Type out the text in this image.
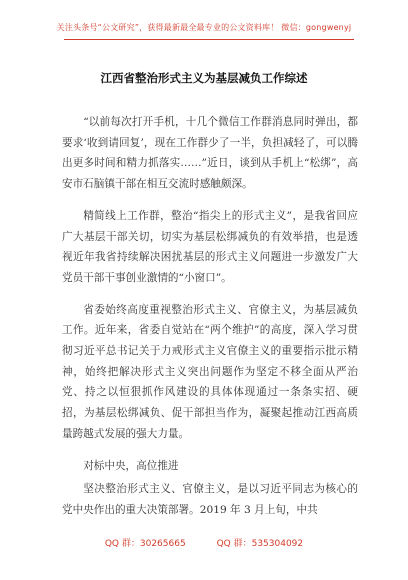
关注头条号“公文研究”，获得最新最全最专业的公文资料库！ 微信：gongwenyj
江西省整治形式主义为基层减负工作综述

“以前每次打开手机，十几个微信工作群消息同时弹出，都要求‘收到请回复’，现在工作群少了一半，负担减轻了，可以腾出更多时间和精力抓落实……”近日，谈到从手机上“松绑”，高安市石脑镇干部在相互交流时感触颇深。

精简线上工作群，整治“指尖上的形式主义”，是我省回应广大基层干部关切，切实为基层松绑减负的有效举措，也是透视近年我省持续解决困扰基层的形式主义问题进一步激发广大党员干部干事创业激情的“小窗口”。

省委始终高度重视整治形式主义、官僚主义，为基层减负工作。近年来，省委自觉站在“两个维护”的高度，深入学习贯彻习近平总书记关于力戒形式主义官僚主义的重要指示批示精神，始终把解决形式主义突出问题作为坚定不移全面从严治党、持之以恒狠抓作风建设的具体体现通过一条条实招、硬招，为基层松绑减负、促干部担当作为，凝聚起推动江西高质量跨越式发展的强大力量。

对标中央，高位推进

坚决整治形式主义、官僚主义，是以习近平同志为核心的党中央作出的重大决策部署。2019 年 3 月上旬，中共

QQ 群：30265665	QQ 群：535304092
